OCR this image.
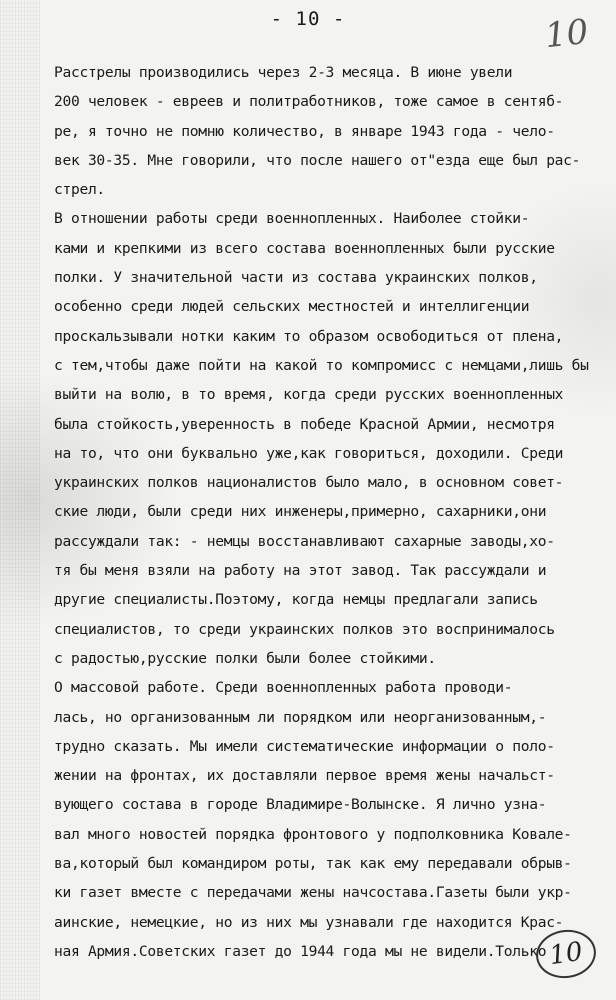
- 10 -	10
Расстрелы производились через 2-3 месяца. В июне увели
200 человек - евреев и политработников, тоже самое в сентяб-
ре, я точно не помню количество, в январе 1943 года - чело-
век 30-35. Мне говорили, что после нашего от"езда еще был рас-
стрел.
В отношении работы среди военнопленных. Наиболее стойки-
ками и крепкими из всего состава военнопленных были русские
полки. У значительной части из состава украинских полков,
особенно среди людей сельских местностей и интеллигенции
проскальзывали нотки каким то образом освободиться от плена,
с тем,чтобы даже пойти на какой то компромисс с немцами,лишь бы
выйти на волю, в то время, когда среди русских военнопленных
была стойкость,уверенность в победе Красной Армии, несмотря
на то, что они буквально уже,как говориться, доходили. Среди
украинских полков националистов было мало, в основном совет-
ские люди, были среди них инженеры,примерно, сахарники,они
рассуждали так: - немцы восстанавливают сахарные заводы,хо-
тя бы меня взяли на работу на этот завод. Так рассуждали и
другие специалисты.Поэтому, когда немцы предлагали запись
специалистов, то среди украинских полков это воспринималось
с радостью,русские полки были более стойкими.
О массовой работе. Среди военнопленных работа проводи-
лась, но организованным ли порядком или неорганизованным,-
трудно сказать. Мы имели систематические информации о поло-
жении на фронтах, их доставляли первое время жены начальст-
вующего состава в городе Владимире-Волынске. Я лично узна-
вал много новостей порядка фронтового у подполковника Ковале-
ва,который был командиром роты, так как ему передавали обрыв-
ки газет вместе с передачами жены начсостава.Газеты были укр-
аинские, немецкие, но из них мы узнавали где находится Крас-
ная Армия.Советских газет до 1944 года мы не видели.Только 10
